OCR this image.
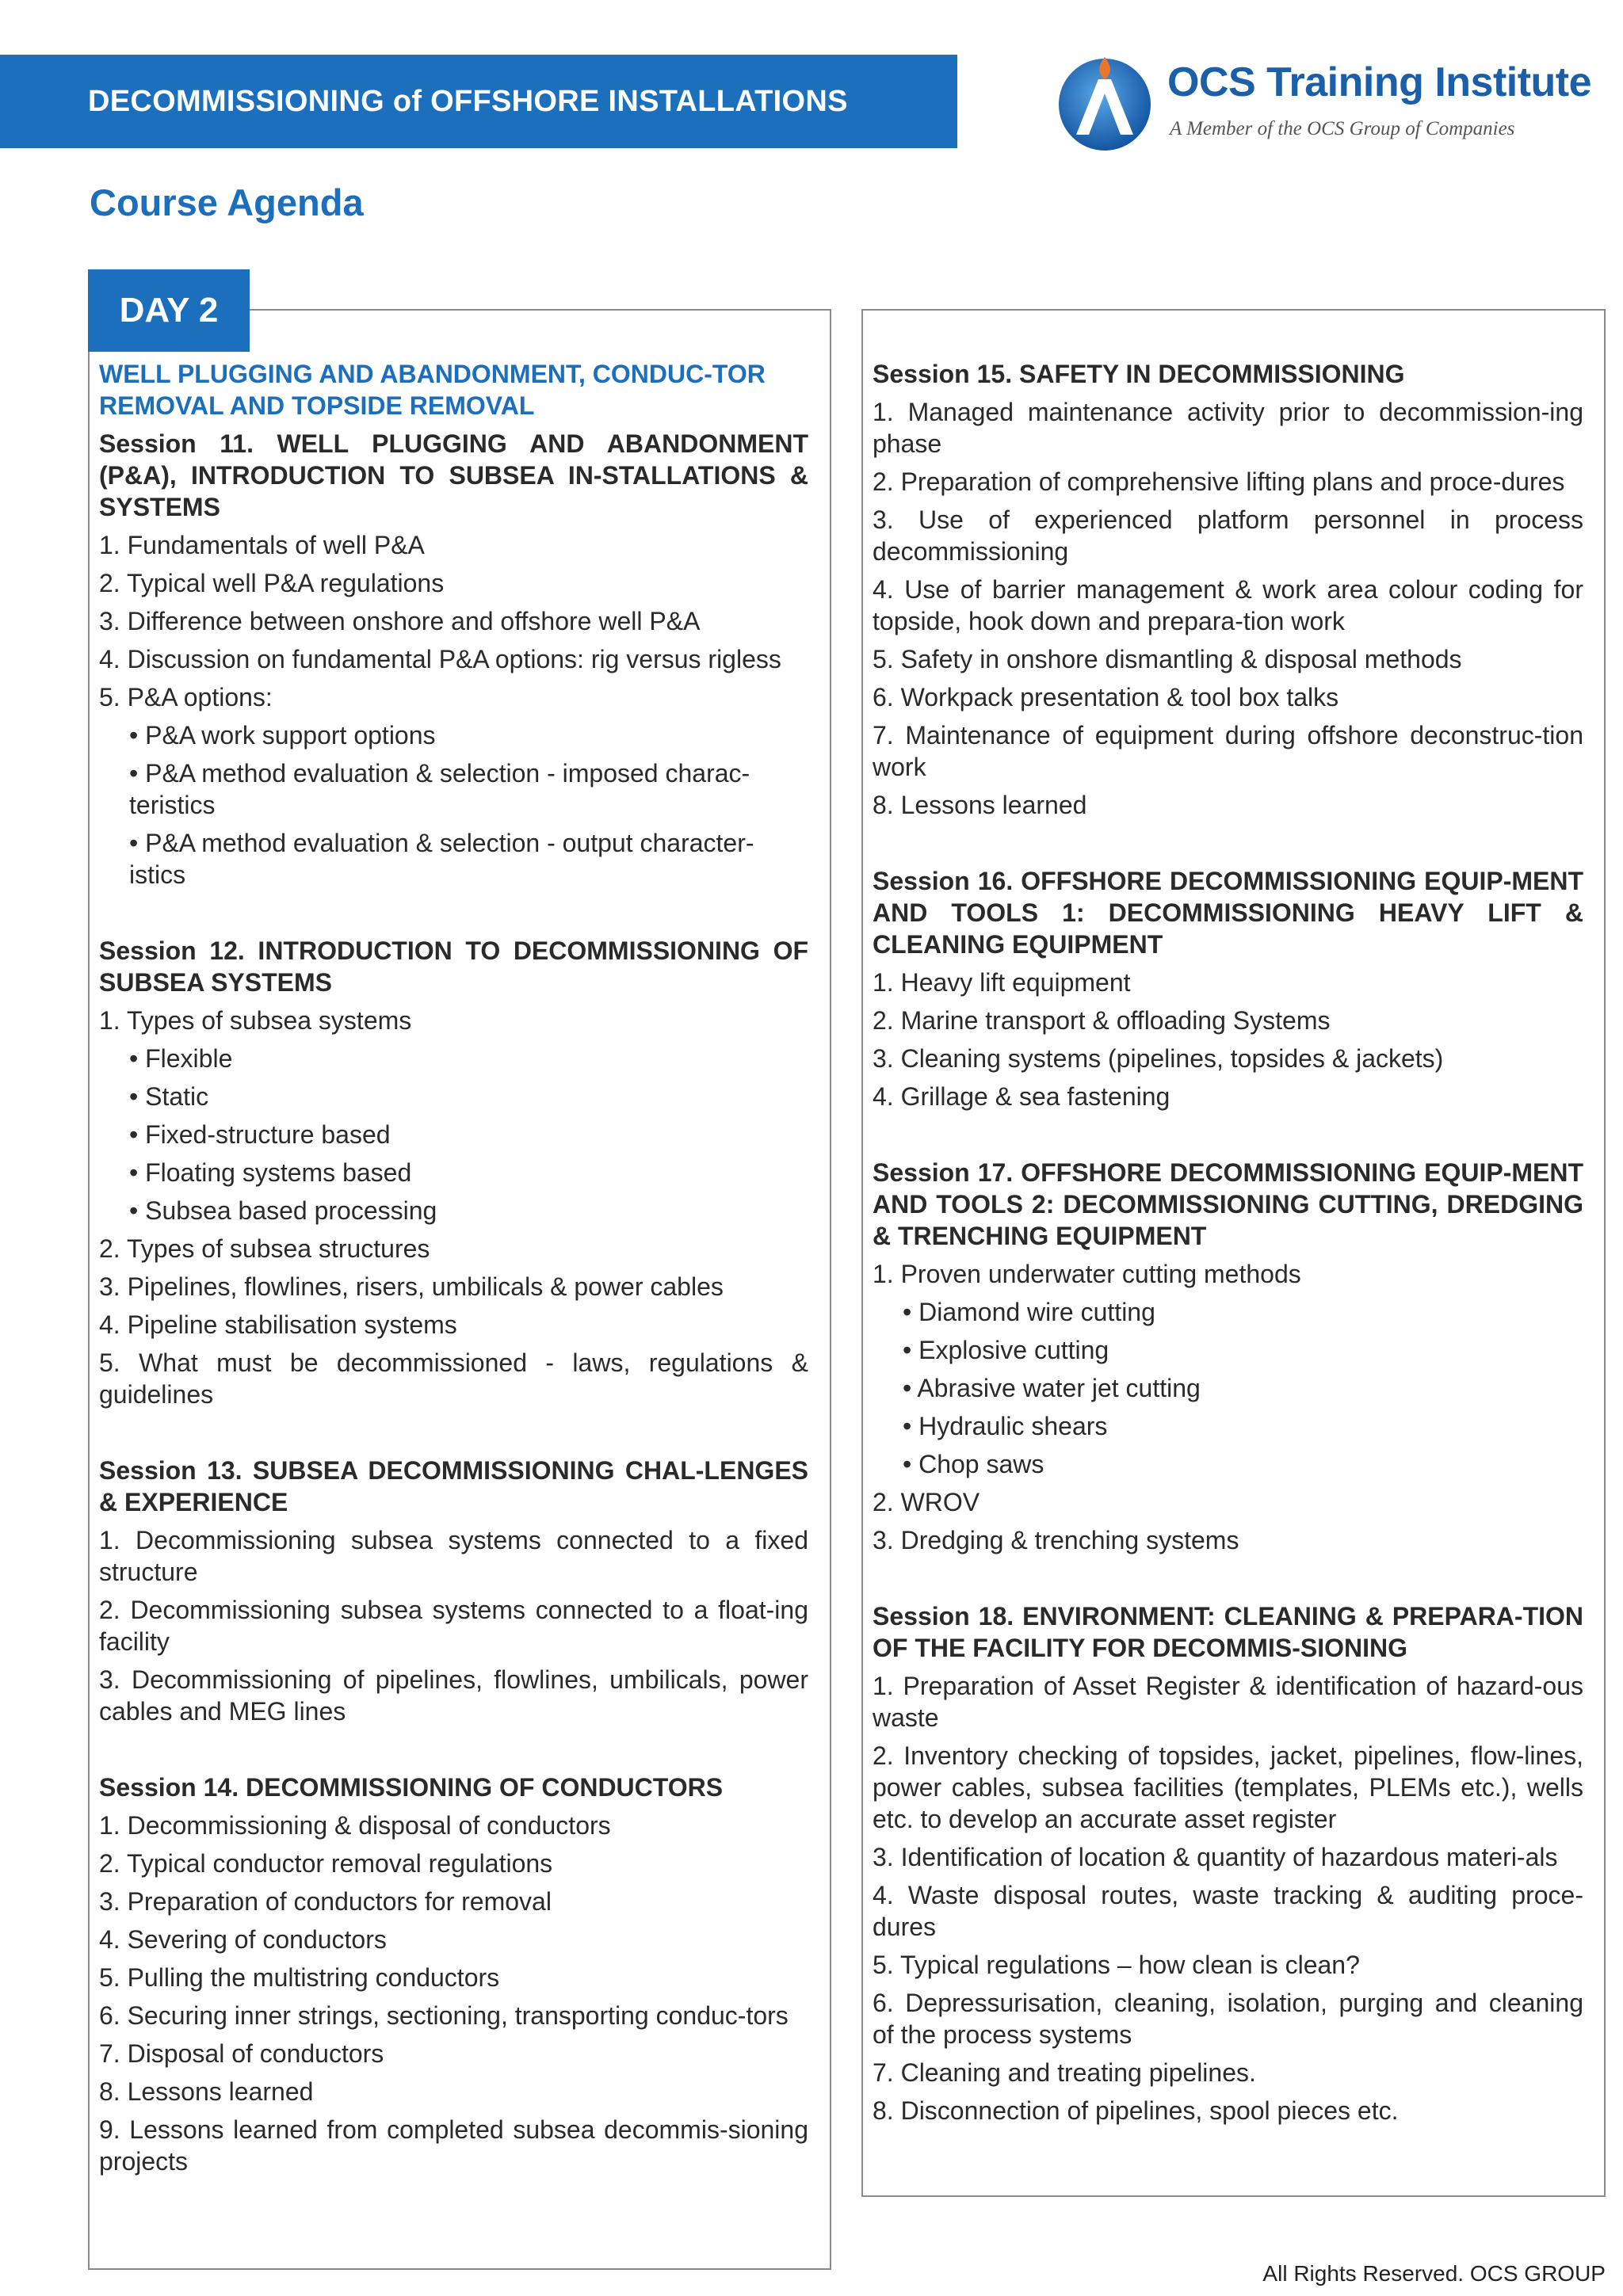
DECOMMISSIONING of OFFSHORE INSTALLATIONS	OCS Training Institute
A Member of the OCS Group of Companies
Course Agenda
DAY 2
WELL PLUGGING AND ABANDONMENT, CONDUC-TOR REMOVAL AND TOPSIDE REMOVAL
Session 11. WELL PLUGGING AND ABANDONMENT (P&A), INTRODUCTION TO SUBSEA IN-STALLATIONS & SYSTEMS
1. Fundamentals of well P&A
2. Typical well P&A regulations
3. Difference between onshore and offshore well P&A
4. Discussion on fundamental P&A options: rig versus rigless
5. P&A options:
• P&A work support options
• P&A method evaluation & selection - imposed charac-teristics
• P&A method evaluation & selection - output character-istics
Session 12. INTRODUCTION TO DECOMMISSIONING OF SUBSEA SYSTEMS
1. Types of subsea systems
• Flexible
• Static
• Fixed-structure based
• Floating systems based
• Subsea based processing
2. Types of subsea structures
3. Pipelines, flowlines, risers, umbilicals & power cables
4. Pipeline stabilisation systems
5. What must be decommissioned - laws, regulations & guidelines
Session 13. SUBSEA DECOMMISSIONING CHAL-LENGES & EXPERIENCE
1. Decommissioning subsea systems connected to a fixed structure
2. Decommissioning subsea systems connected to a float-ing facility
3. Decommissioning of pipelines, flowlines, umbilicals, power cables and MEG lines
Session 14. DECOMMISSIONING OF CONDUCTORS
1. Decommissioning & disposal of conductors
2. Typical conductor removal regulations
3. Preparation of conductors for removal
4. Severing of conductors
5. Pulling the multistring conductors
6. Securing inner strings, sectioning, transporting conduc-tors
7. Disposal of conductors
8. Lessons learned
9. Lessons learned from completed subsea decommis-sioning projects
Session 15. SAFETY IN DECOMMISSIONING
1. Managed maintenance activity prior to decommission-ing phase
2. Preparation of comprehensive lifting plans and proce-dures
3. Use of experienced platform personnel in process decommissioning
4. Use of barrier management & work area colour coding for topside, hook down and prepara-tion work
5. Safety in onshore dismantling & disposal methods
6. Workpack presentation & tool box talks
7. Maintenance of equipment during offshore deconstruc-tion work
8. Lessons learned
Session 16. OFFSHORE DECOMMISSIONING EQUIP-MENT AND TOOLS 1: DECOMMISSIONING HEAVY LIFT & CLEANING EQUIPMENT
1. Heavy lift equipment
2. Marine transport & offloading Systems
3. Cleaning systems (pipelines, topsides & jackets)
4. Grillage & sea fastening
Session 17. OFFSHORE DECOMMISSIONING EQUIP-MENT AND TOOLS 2: DECOMMISSIONING CUTTING, DREDGING & TRENCHING EQUIPMENT
1. Proven underwater cutting methods
• Diamond wire cutting
• Explosive cutting
• Abrasive water jet cutting
• Hydraulic shears
• Chop saws
2. WROV
3. Dredging & trenching systems
Session 18. ENVIRONMENT: CLEANING & PREPARA-TION OF THE FACILITY FOR DECOMMIS-SIONING
1. Preparation of Asset Register & identification of hazard-ous waste
2. Inventory checking of topsides, jacket, pipelines, flow-lines, power cables, subsea facilities (templates, PLEMs etc.), wells etc. to develop an accurate asset register
3. Identification of location & quantity of hazardous materi-als
4. Waste disposal routes, waste tracking & auditing proce-dures
5. Typical regulations – how clean is clean?
6. Depressurisation, cleaning, isolation, purging and cleaning of the process systems
7. Cleaning and treating pipelines.
8. Disconnection of pipelines, spool pieces etc.
All Rights Reserved. OCS GROUP
